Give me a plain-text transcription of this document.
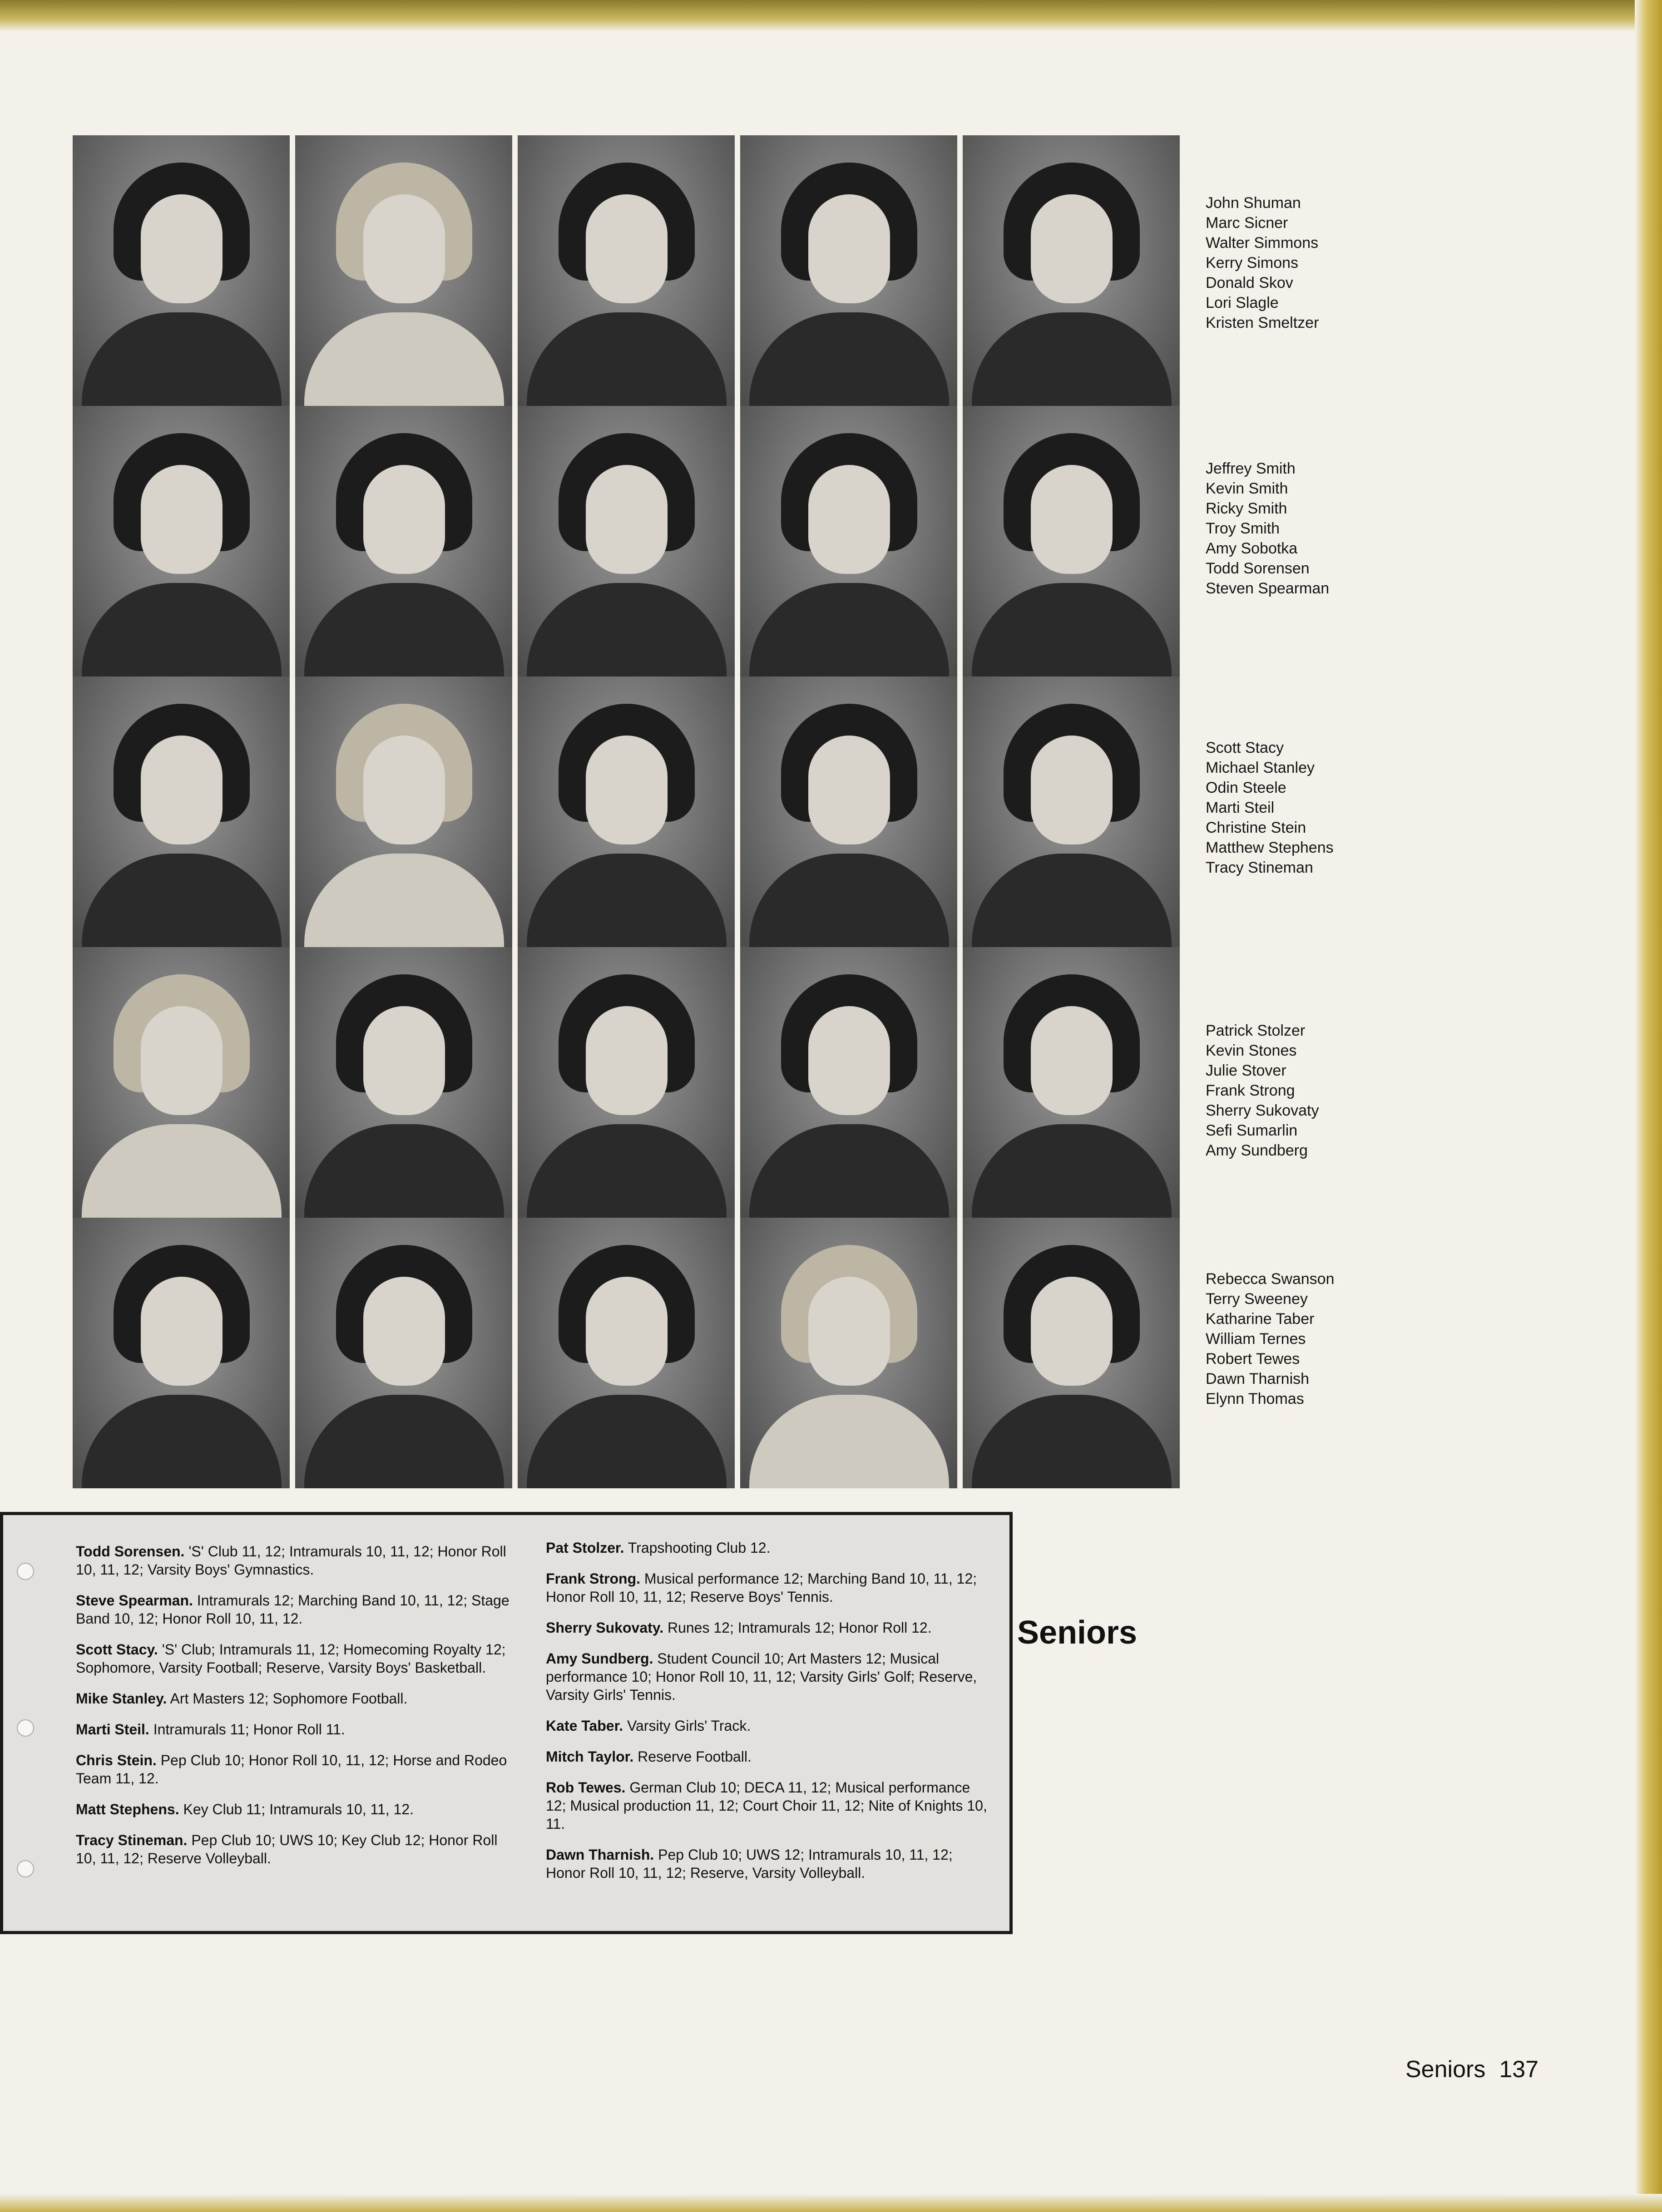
John Shuman
Marc Sicner
Walter Simmons
Kerry Simons
Donald Skov
Lori Slagle
Kristen Smeltzer
Jeffrey Smith
Kevin Smith
Ricky Smith
Troy Smith
Amy Sobotka
Todd Sorensen
Steven Spearman
Scott Stacy
Michael Stanley
Odin Steele
Marti Steil
Christine Stein
Matthew Stephens
Tracy Stineman
Patrick Stolzer
Kevin Stones
Julie Stover
Frank Strong
Sherry Sukovaty
Sefi Sumarlin
Amy Sundberg
Rebecca Swanson
Terry Sweeney
Katharine Taber
William Ternes
Robert Tewes
Dawn Tharnish
Elynn Thomas
Todd Sorensen. 'S' Club 11, 12; Intramurals 10, 11, 12; Honor Roll 10, 11, 12; Varsity Boys' Gymnastics.
Steve Spearman. Intramurals 12; Marching Band 10, 11, 12; Stage Band 10, 12; Honor Roll 10, 11, 12.
Scott Stacy. 'S' Club; Intramurals 11, 12; Homecoming Royalty 12; Sophomore, Varsity Football; Reserve, Varsity Boys' Basketball.
Mike Stanley. Art Masters 12; Sophomore Football.
Marti Steil. Intramurals 11; Honor Roll 11.
Chris Stein. Pep Club 10; Honor Roll 10, 11, 12; Horse and Rodeo Team 11, 12.
Matt Stephens. Key Club 11; Intramurals 10, 11, 12.
Tracy Stineman. Pep Club 10; UWS 10; Key Club 12; Honor Roll 10, 11, 12; Reserve Volleyball.
Pat Stolzer. Trapshooting Club 12.
Frank Strong. Musical performance 12; Marching Band 10, 11, 12; Honor Roll 10, 11, 12; Reserve Boys' Tennis.
Sherry Sukovaty. Runes 12; Intramurals 12; Honor Roll 12.
Amy Sundberg. Student Council 10; Art Masters 12; Musical performance 10; Honor Roll 10, 11, 12; Varsity Girls' Golf; Reserve, Varsity Girls' Tennis.
Kate Taber. Varsity Girls' Track.
Mitch Taylor. Reserve Football.
Rob Tewes. German Club 10; DECA 11, 12; Musical performance 12; Musical production 11, 12; Court Choir 11, 12; Nite of Knights 10, 11.
Dawn Tharnish. Pep Club 10; UWS 12; Intramurals 10, 11, 12; Honor Roll 10, 11, 12; Reserve, Varsity Volleyball.
Seniors
Seniors 137
